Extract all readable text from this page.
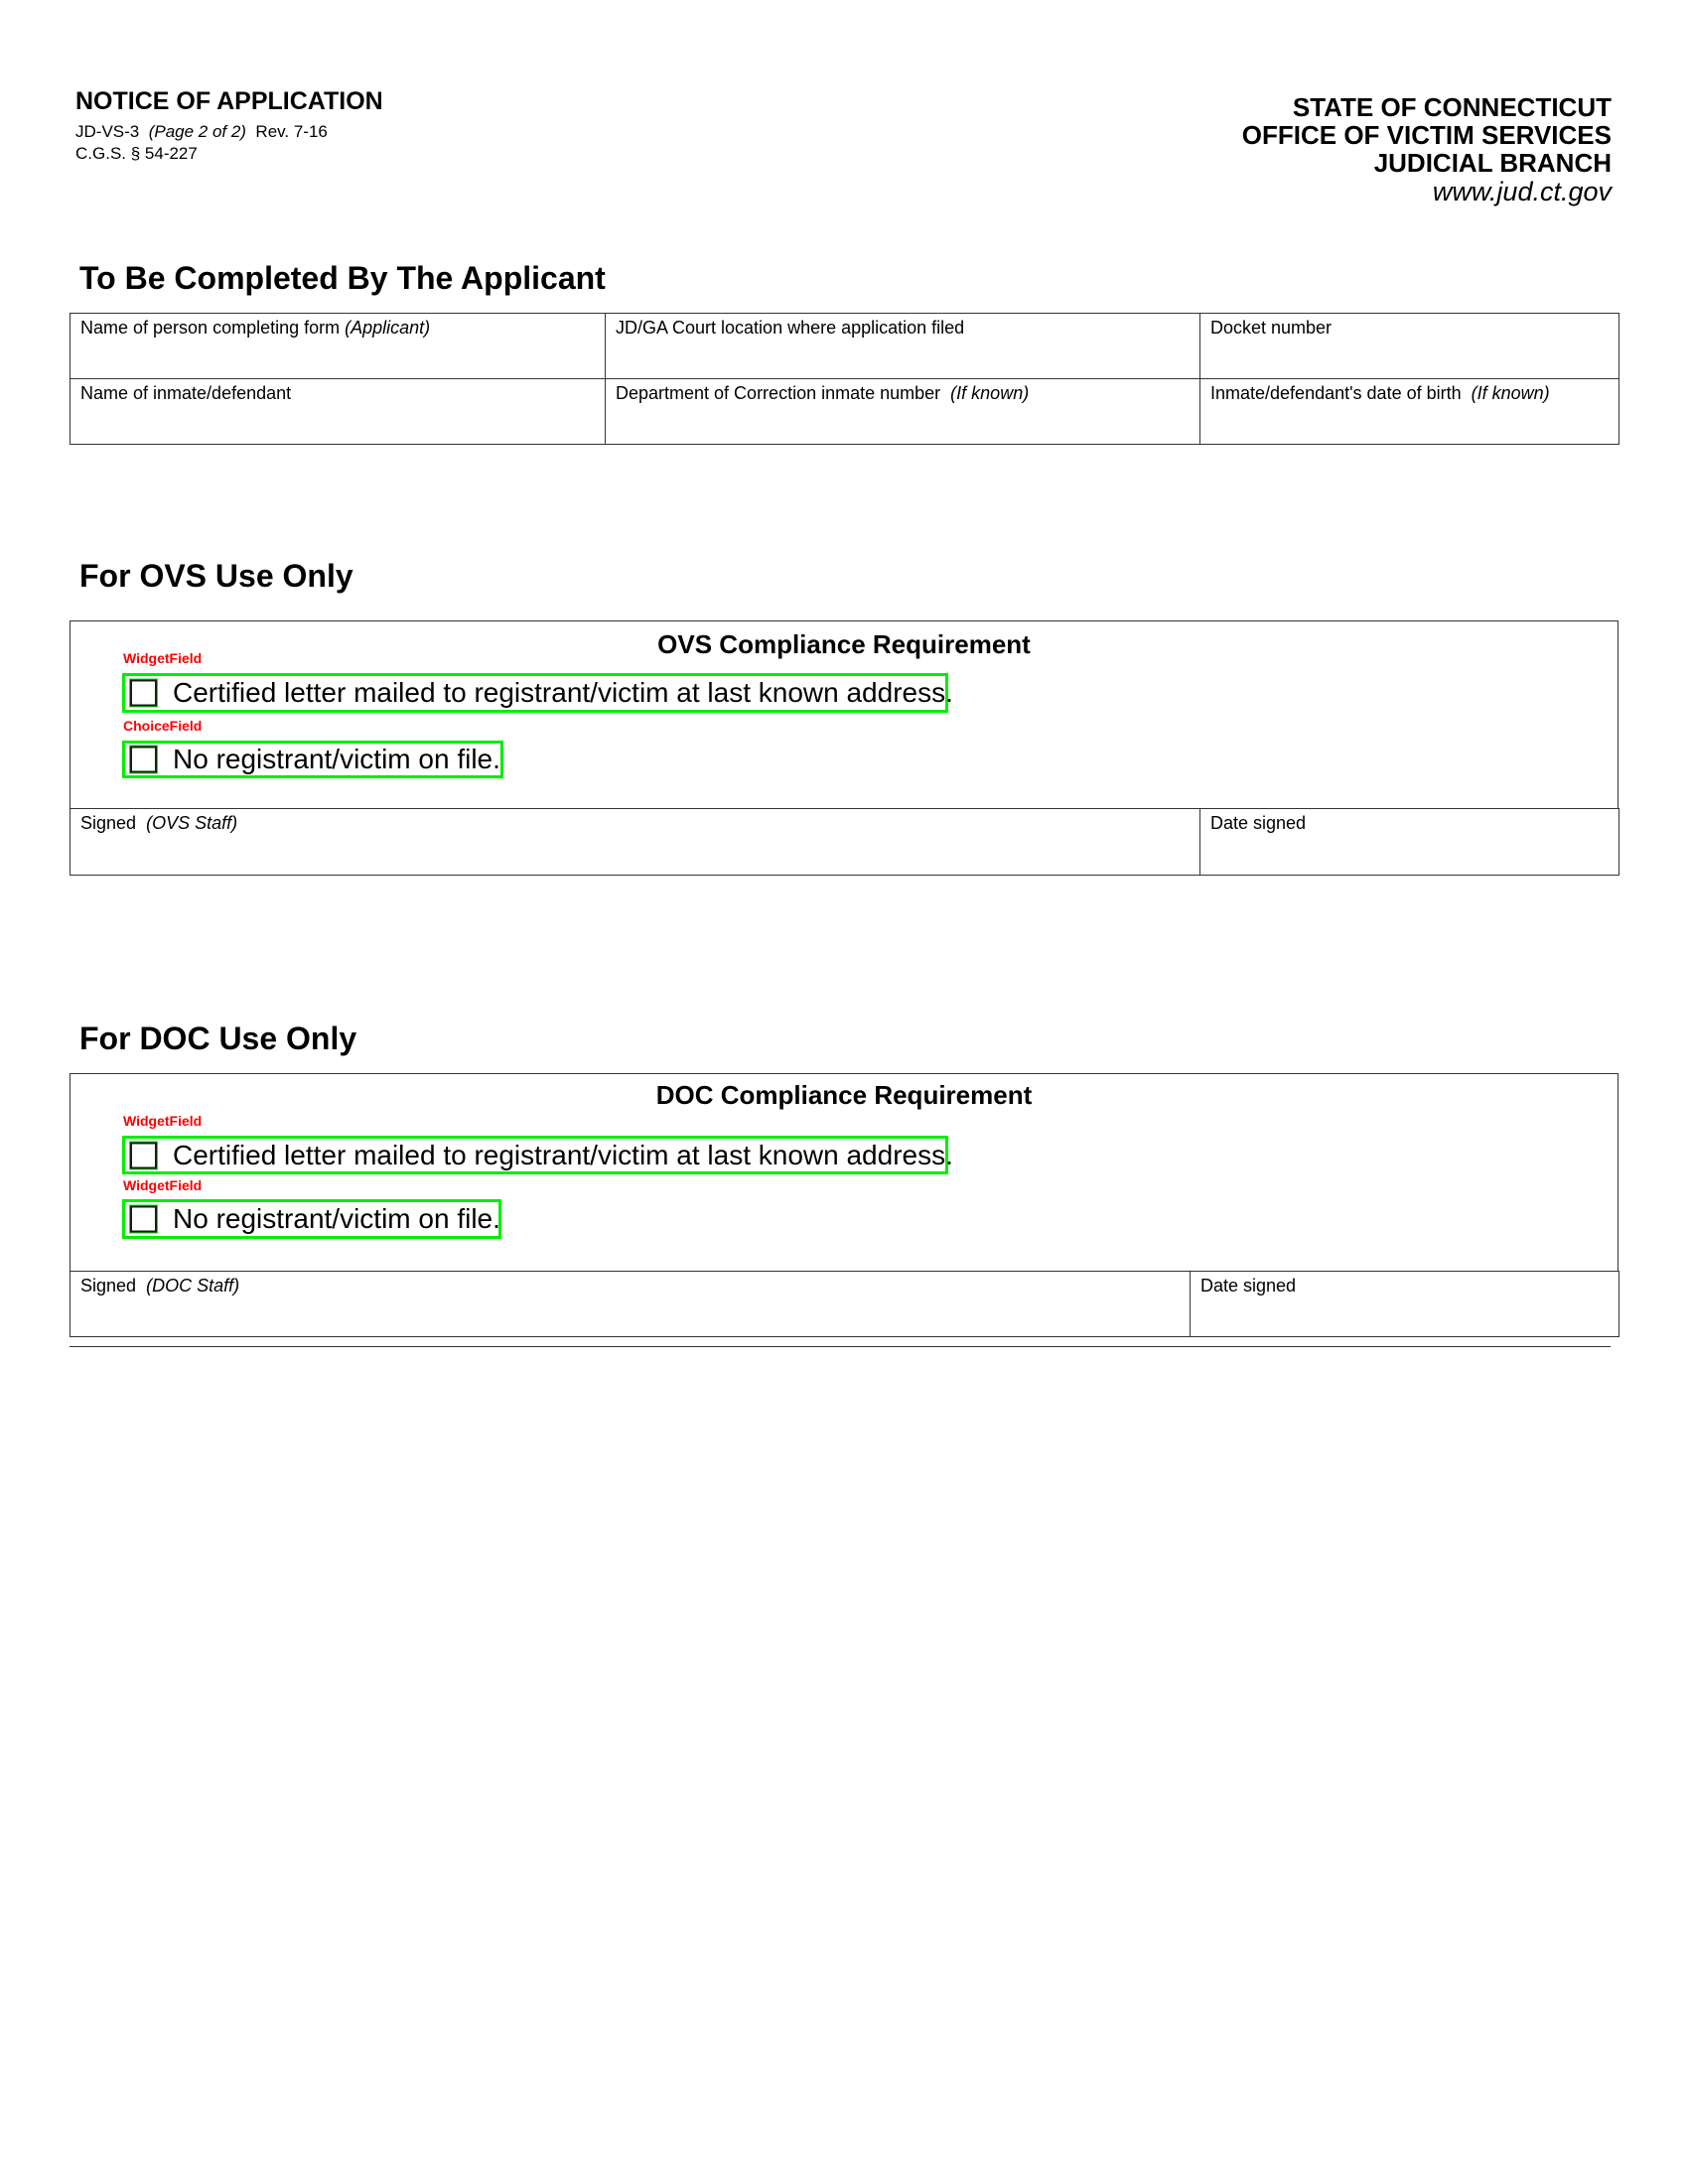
NOTICE OF APPLICATION
JD-VS-3 (Page 2 of 2) Rev. 7-16
C.G.S. § 54-227
STATE OF CONNECTICUT
OFFICE OF VICTIM SERVICES
JUDICIAL BRANCH
www.jud.ct.gov
To Be Completed By The Applicant
Name of person completing form (Applicant)	JD/GA Court location where application filed	Docket number
Name of inmate/defendant	Department of Correction inmate number (If known)	Inmate/defendant's date of birth (If known)
For OVS Use Only
OVS Compliance Requirement
WidgetField
Certified letter mailed to registrant/victim at last known address.
ChoiceField
No registrant/victim on file.
Signed (OVS Staff)	Date signed
For DOC Use Only
DOC Compliance Requirement
WidgetField
Certified letter mailed to registrant/victim at last known address.
WidgetField
No registrant/victim on file.
Signed (DOC Staff)	Date signed
